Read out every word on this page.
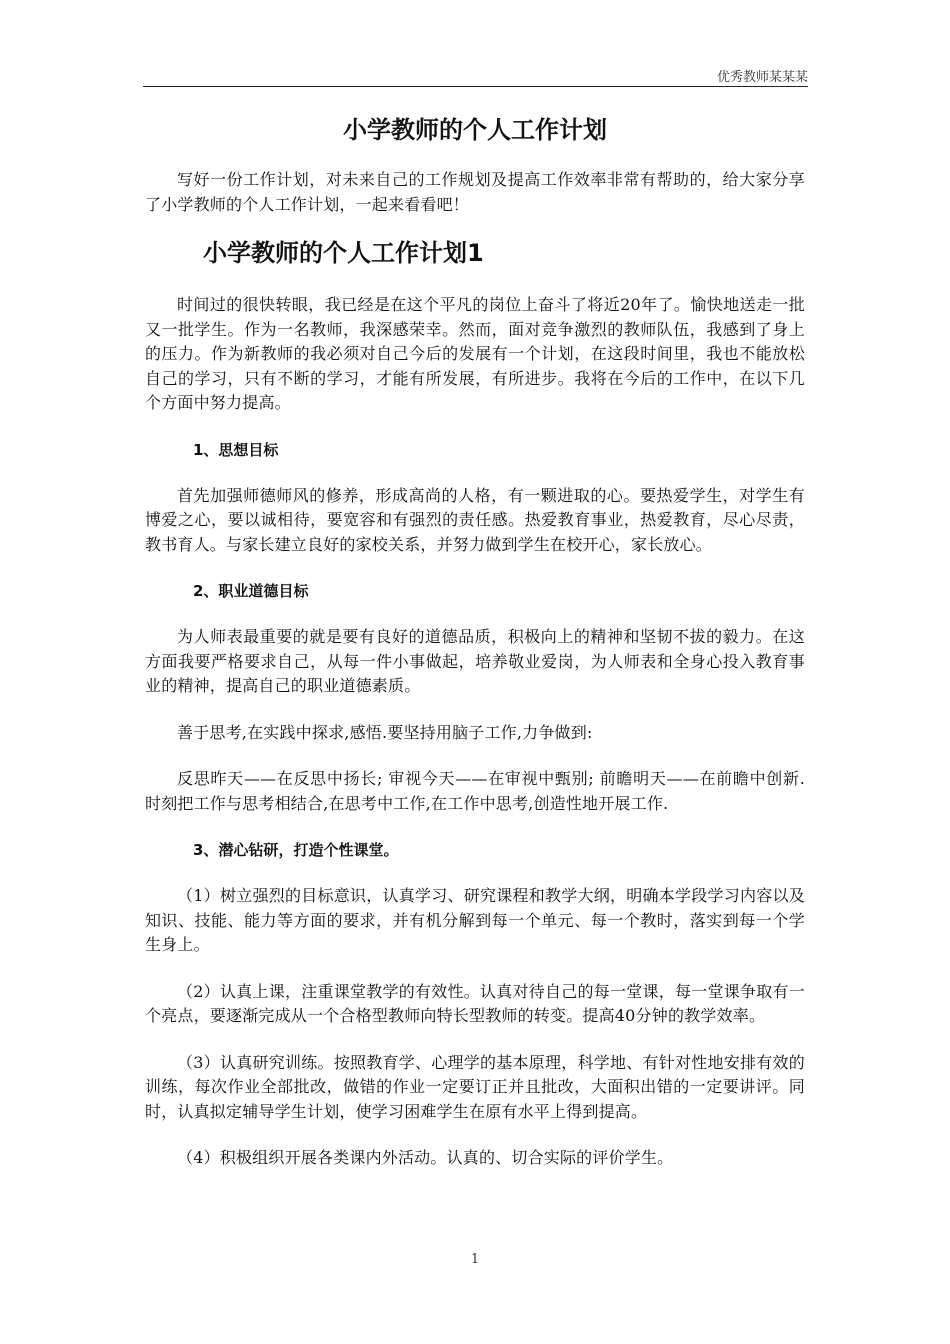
优秀教师某某某
小学教师的个人工作计划

写好一份工作计划，对未来自己的工作规划及提高工作效率非常有帮助的，给大家分享了小学教师的个人工作计划，一起来看看吧！

小学教师的个人工作计划1

时间过的很快转眼，我已经是在这个平凡的岗位上奋斗了将近20年了。愉快地送走一批又一批学生。作为一名教师，我深感荣幸。然而，面对竞争激烈的教师队伍，我感到了身上的压力。作为新教师的我必须对自己今后的发展有一个计划，在这段时间里，我也不能放松自己的学习，只有不断的学习，才能有所发展，有所进步。我将在今后的工作中，在以下几个方面中努力提高。

1、思想目标

首先加强师德师风的修养，形成高尚的人格，有一颗进取的心。要热爱学生，对学生有博爱之心，要以诚相待，要宽容和有强烈的责任感。热爱教育事业，热爱教育，尽心尽责，教书育人。与家长建立良好的家校关系，并努力做到学生在校开心，家长放心。

2、职业道德目标

为人师表最重要的就是要有良好的道德品质，积极向上的精神和坚韧不拔的毅力。在这方面我要严格要求自己，从每一件小事做起，培养敬业爱岗，为人师表和全身心投入教育事业的精神，提高自己的职业道德素质。

善于思考,在实践中探求,感悟.要坚持用脑子工作,力争做到:

反思昨天——在反思中扬长; 审视今天——在审视中甄别; 前瞻明天——在前瞻中创新. 时刻把工作与思考相结合,在思考中工作,在工作中思考,创造性地开展工作.

3、潜心钻研，打造个性课堂。

（1）树立强烈的目标意识，认真学习、研究课程和教学大纲，明确本学段学习内容以及知识、技能、能力等方面的要求，并有机分解到每一个单元、每一个教时，落实到每一个学生身上。

（2）认真上课，注重课堂教学的有效性。认真对待自己的每一堂课，每一堂课争取有一个亮点，要逐渐完成从一个合格型教师向特长型教师的转变。提高40分钟的教学效率。

（3）认真研究训练。按照教育学、心理学的基本原理，科学地、有针对性地安排有效的训练，每次作业全部批改，做错的作业一定要订正并且批改，大面积出错的一定要讲评。同时，认真拟定辅导学生计划，使学习困难学生在原有水平上得到提高。

（4）积极组织开展各类课内外活动。认真的、切合实际的评价学生。

1
